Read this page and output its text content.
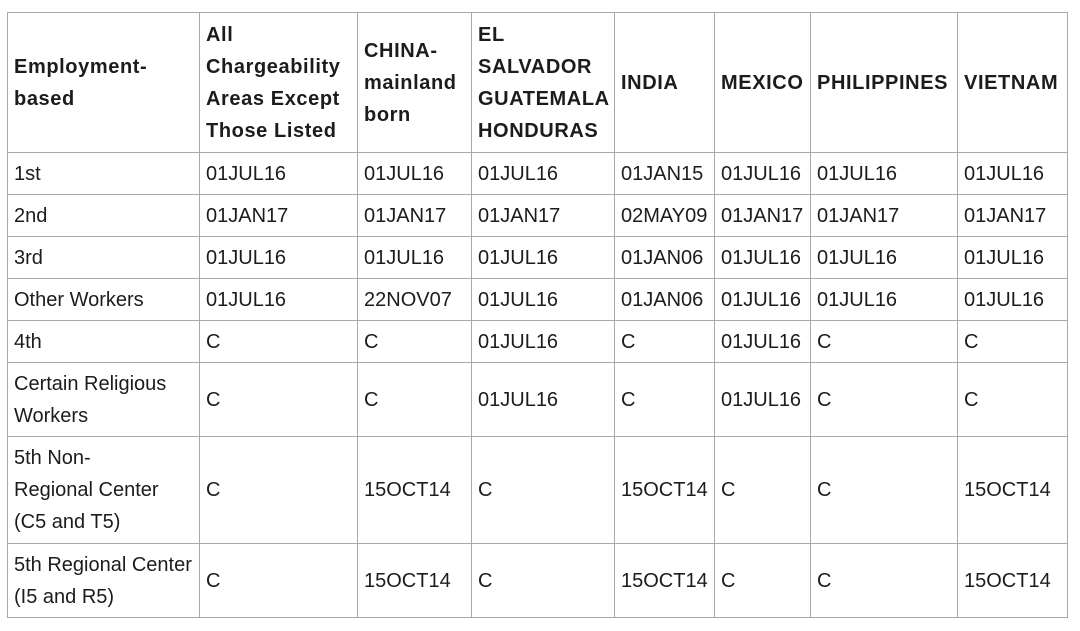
Employment-
based	All
Chargeability
Areas Except
Those Listed	CHINA-
mainland
born	EL
SALVADOR
GUATEMALA
HONDURAS	INDIA	MEXICO	PHILIPPINES	VIETNAM

1st	01JUL16	01JUL16	01JUL16	01JAN15	01JUL16	01JUL16	01JUL16

2nd	01JAN17	01JAN17	01JAN17	02MAY09	01JAN17	01JAN17	01JAN17

3rd	01JUL16	01JUL16	01JUL16	01JAN06	01JUL16	01JUL16	01JUL16

Other Workers	01JUL16	22NOV07	01JUL16	01JAN06	01JUL16	01JUL16	01JUL16

4th	C	C	01JUL16	C	01JUL16	C	C

Certain Religious
Workers	C	C	01JUL16	C	01JUL16	C	C

5th Non-
Regional Center
(C5 and T5)	C	15OCT14	C	15OCT14	C	C	15OCT14

5th Regional Center
(I5 and R5)	C	15OCT14	C	15OCT14	C	C	15OCT14
